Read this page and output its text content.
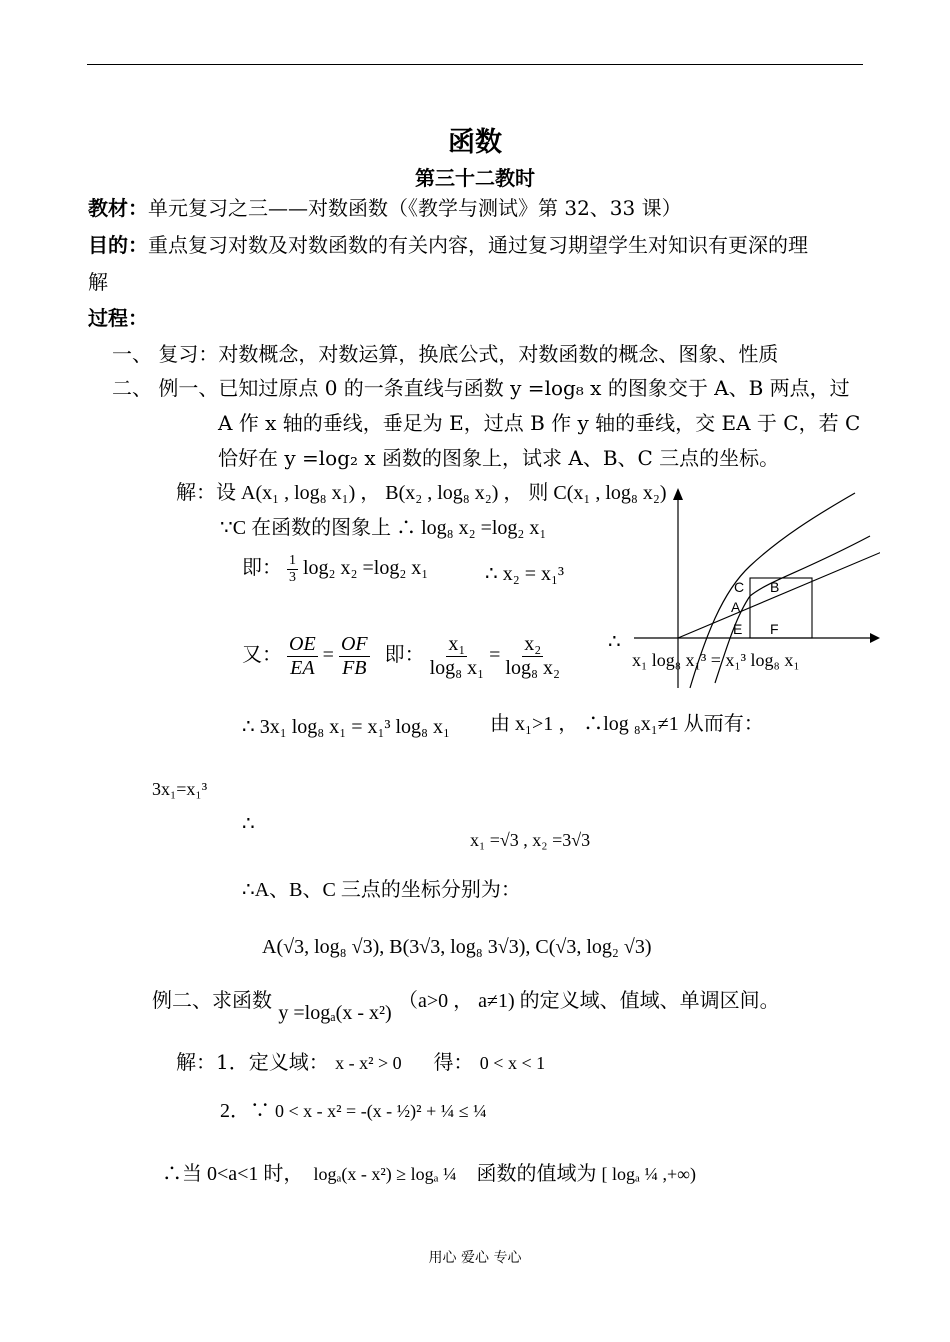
函数
第三十二教时
教材：单元复习之三——对数函数（《教学与测试》第 32、33 课）
目的：重点复习对数及对数函数的有关内容，通过复习期望学生对知识有更深的理
解
过程：
一、 复习：对数概念，对数运算，换底公式，对数函数的概念、图象、性质
二、 例一、已知过原点 0 的一条直线与函数 y =log₈ x 的图象交于 A、B 两点，过
A 作 x 轴的垂线，垂足为 E，过点 B 作 y 轴的垂线，交 EA 于 C，若 C
恰好在 y =log₂ x 函数的图象上，试求 A、B、C 三点的坐标。
解：设 A(x₁ , log₈ x₁) ， B(x₂ , log₈ x₂) ， 则 C(x₁ , log₈ x₂)
∵C 在函数的图象上 ∴ log₈ x₂ =log₂ x₁
即： $\frac{1}{3} \log_2$ x₂ =log₂ x₁	∴ x₂ = x₁³
又： $\frac{OE}{EA} = \frac{OF}{FB}$ 即： $\frac{\text{x₁}}{\text{log₈ x₁}} = \frac{\text{x₂}}{\text{log₈ x₂}}$ ∴
x₁ log₈ x₁³ = x₁³ log₈ x₁
C B
A
E F
∴ 3x₁ log₈ x₁ = x₁³ log₈ x₁ 由 x₁>1 ， ∴log ₈x₁≠1 从而有：
3x₁=x₁³
∴
x₁ =√3 , x₂ =3√3
∴A、B、C 三点的坐标分别为：
A(√3, log₈ √3), B(3√3, log₈ 3√3), C(√3, log₂ √3)
例二、求函数 y =logₐ(x - x²) （a>0 ， a≠1) 的定义域、值域、单调区间。
解：1．定义域： x - x² > 0 得： 0 < x < 1
2．∵ 0 < x - x² = -(x - ½)² + ¼ ≤ ¼
∴当 0<a<1 时， logₐ(x - x²) ≥ logₐ ¼ 函数的值域为 [ logₐ ¼ ,+∞)
用心 爱心 专心
